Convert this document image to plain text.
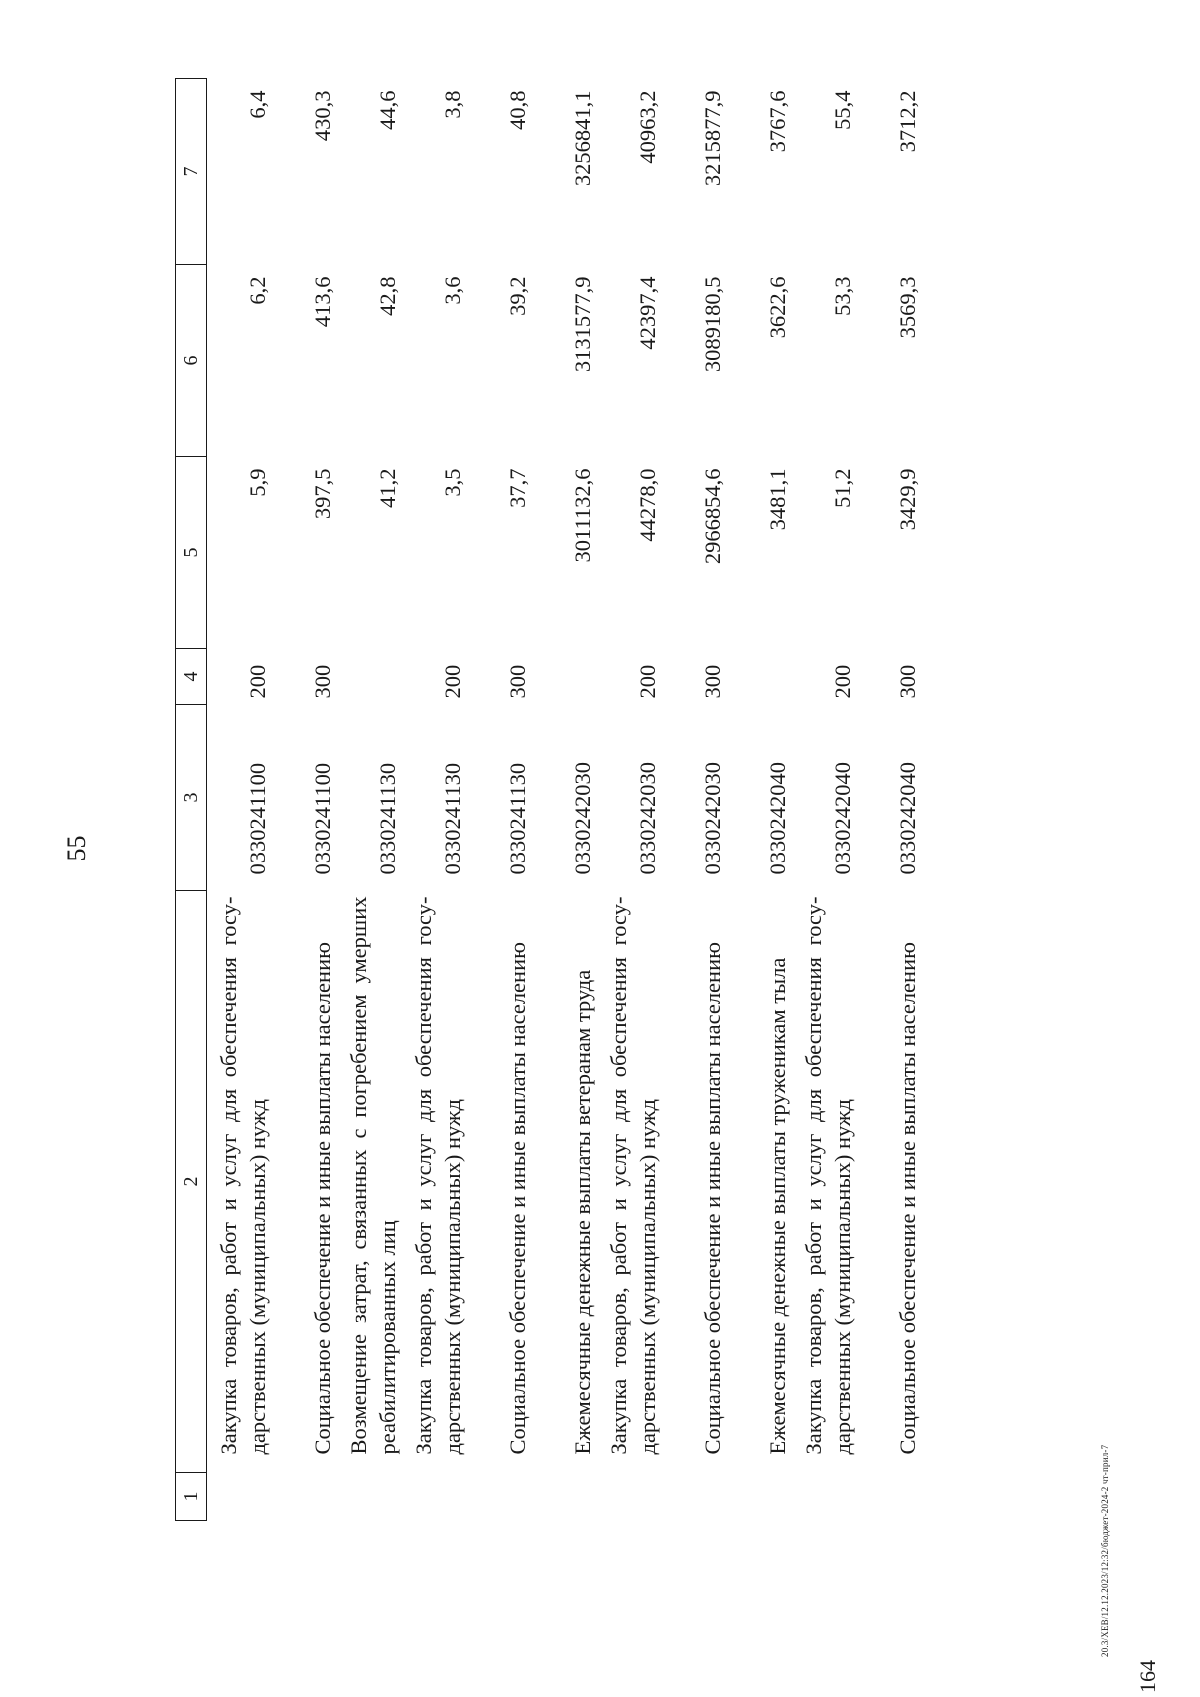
55
1	2	3	4	5	6	7
	Закупка товаров, работ и услуг для обеспечения госу- дарственных (муниципальных) нужд	0330241100	200	5,9	6,2	6,4
	Социальное обеспечение и иные выплаты населению	0330241100	300	397,5	413,6	430,3
	Возмещение затрат, связанных с погребением умерших реабилитированных лиц	0330241130		41,2	42,8	44,6
	Закупка товаров, работ и услуг для обеспечения госу- дарственных (муниципальных) нужд	0330241130	200	3,5	3,6	3,8
	Социальное обеспечение и иные выплаты населению	0330241130	300	37,7	39,2	40,8
	Ежемесячные денежные выплаты ветеранам труда	0330242030		3011132,6	3131577,9	3256841,1
	Закупка товаров, работ и услуг для обеспечения госу- дарственных (муниципальных) нужд	0330242030	200	44278,0	42397,4	40963,2
	Социальное обеспечение и иные выплаты населению	0330242030	300	2966854,6	3089180,5	3215877,9
	Ежемесячные денежные выплаты труженикам тыла	0330242040		3481,1	3622,6	3767,6
	Закупка товаров, работ и услуг для обеспечения госу- дарственных (муниципальных) нужд	0330242040	200	51,2	53,3	55,4
	Социальное обеспечение и иные выплаты населению	0330242040	300	3429,9	3569,3	3712,2
20.3/XEB/12.12.2023/12:32/бюджет-2024-2 чт-прил-7
164
